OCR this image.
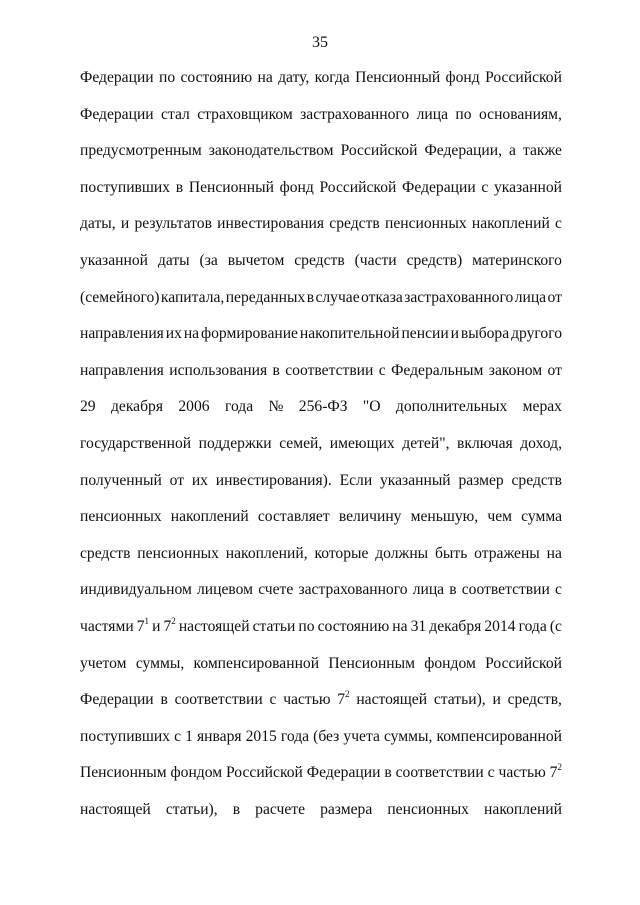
35
Федерации по состоянию на дату, когда Пенсионный фонд Российской
Федерации стал страховщиком застрахованного лица по основаниям,
предусмотренным законодательством Российской Федерации, а также
поступивших в Пенсионный фонд Российской Федерации с указанной
даты, и результатов инвестирования средств пенсионных накоплений с
указанной даты (за вычетом средств (части средств) материнского
(семейного) капитала, переданных в случае отказа застрахованного лица от
направления их на формирование накопительной пенсии и выбора другого
направления использования в соответствии с Федеральным законом от
29 декабря 2006 года № 256-ФЗ "О дополнительных мерах
государственной поддержки семей, имеющих детей", включая доход,
полученный от их инвестирования). Если указанный размер средств
пенсионных накоплений составляет величину меньшую, чем сумма
средств пенсионных накоплений, которые должны быть отражены на
индивидуальном лицевом счете застрахованного лица в соответствии с
частями $7^1$ и $7^2$ настоящей статьи по состоянию на 31 декабря 2014 года (с
учетом суммы, компенсированной Пенсионным фондом Российской
Федерации в соответствии с частью $7^2$ настоящей статьи), и средств,
поступивших с 1 января 2015 года (без учета суммы, компенсированной
Пенсионным фондом Российской Федерации в соответствии с частью $7^2$
настоящей статьи), в расчете размера пенсионных накоплений
